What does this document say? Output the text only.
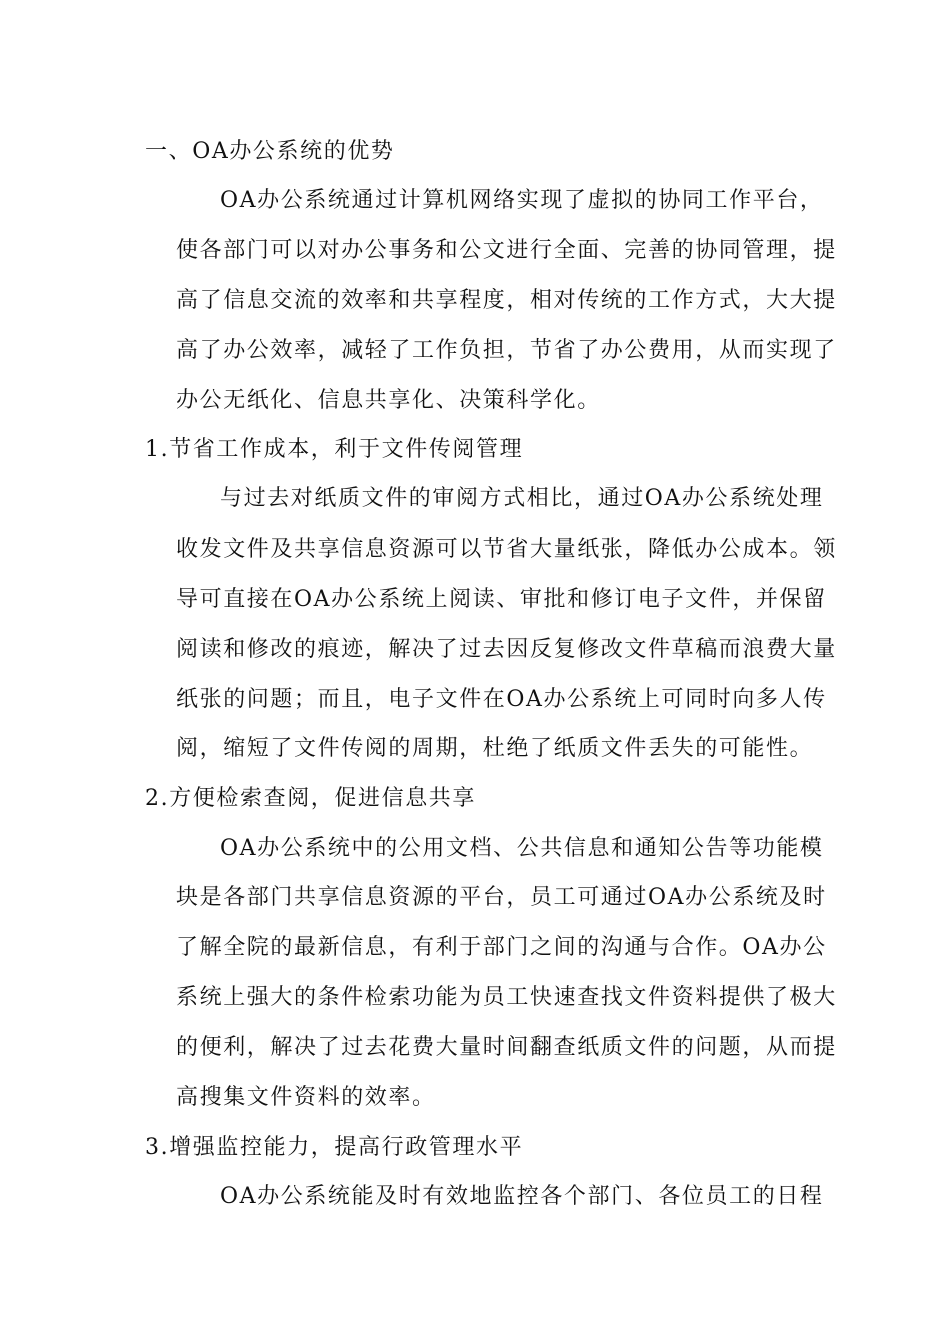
一、OA办公系统的优势
OA办公系统通过计算机网络实现了虚拟的协同工作平台，
使各部门可以对办公事务和公文进行全面、完善的协同管理，提
高了信息交流的效率和共享程度，相对传统的工作方式，大大提
高了办公效率，减轻了工作负担，节省了办公费用，从而实现了
办公无纸化、信息共享化、决策科学化。
1.节省工作成本，利于文件传阅管理
与过去对纸质文件的审阅方式相比，通过OA办公系统处理
收发文件及共享信息资源可以节省大量纸张，降低办公成本。领
导可直接在OA办公系统上阅读、审批和修订电子文件，并保留
阅读和修改的痕迹，解决了过去因反复修改文件草稿而浪费大量
纸张的问题；而且，电子文件在OA办公系统上可同时向多人传
阅，缩短了文件传阅的周期，杜绝了纸质文件丢失的可能性。
2.方便检索查阅，促进信息共享
OA办公系统中的公用文档、公共信息和通知公告等功能模
块是各部门共享信息资源的平台，员工可通过OA办公系统及时
了解全院的最新信息，有利于部门之间的沟通与合作。OA办公
系统上强大的条件检索功能为员工快速查找文件资料提供了极大
的便利，解决了过去花费大量时间翻查纸质文件的问题，从而提
高搜集文件资料的效率。
3.增强监控能力，提高行政管理水平
OA办公系统能及时有效地监控各个部门、各位员工的日程
